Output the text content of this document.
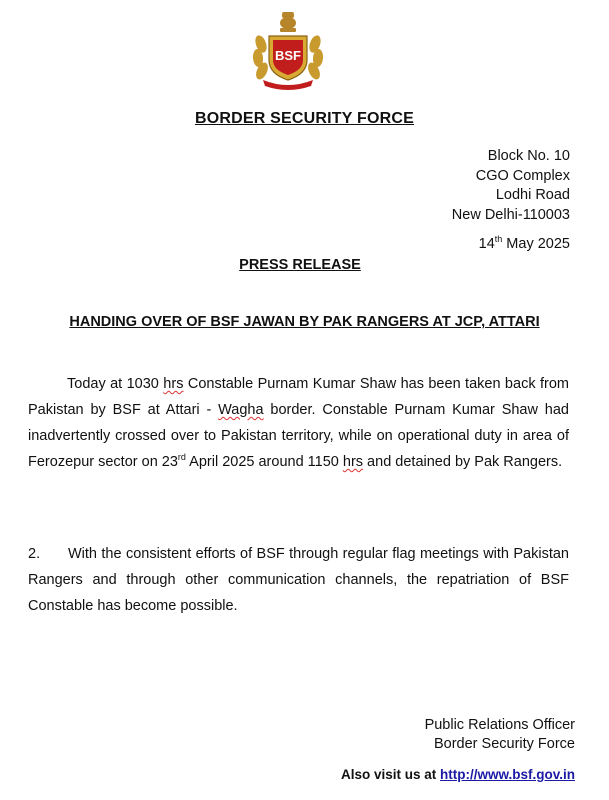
BSF
BORDER SECURITY FORCE
Block No. 10
CGO Complex
Lodhi Road
New Delhi-110003
14th May 2025
PRESS RELEASE
HANDING OVER OF BSF JAWAN BY PAK RANGERS AT JCP, ATTARI
Today at 1030 hrs Constable Purnam Kumar Shaw has been taken back from Pakistan by BSF at Attari - Wagha border. Constable Purnam Kumar Shaw had inadvertently crossed over to Pakistan territory, while on operational duty in area of Ferozepur sector on 23rd April 2025 around 1150 hrs and detained by Pak Rangers.
2. With the consistent efforts of BSF through regular flag meetings with Pakistan Rangers and through other communication channels, the repatriation of BSF Constable has become possible.
Public Relations Officer
Border Security Force
Also visit us at http://www.bsf.gov.in
